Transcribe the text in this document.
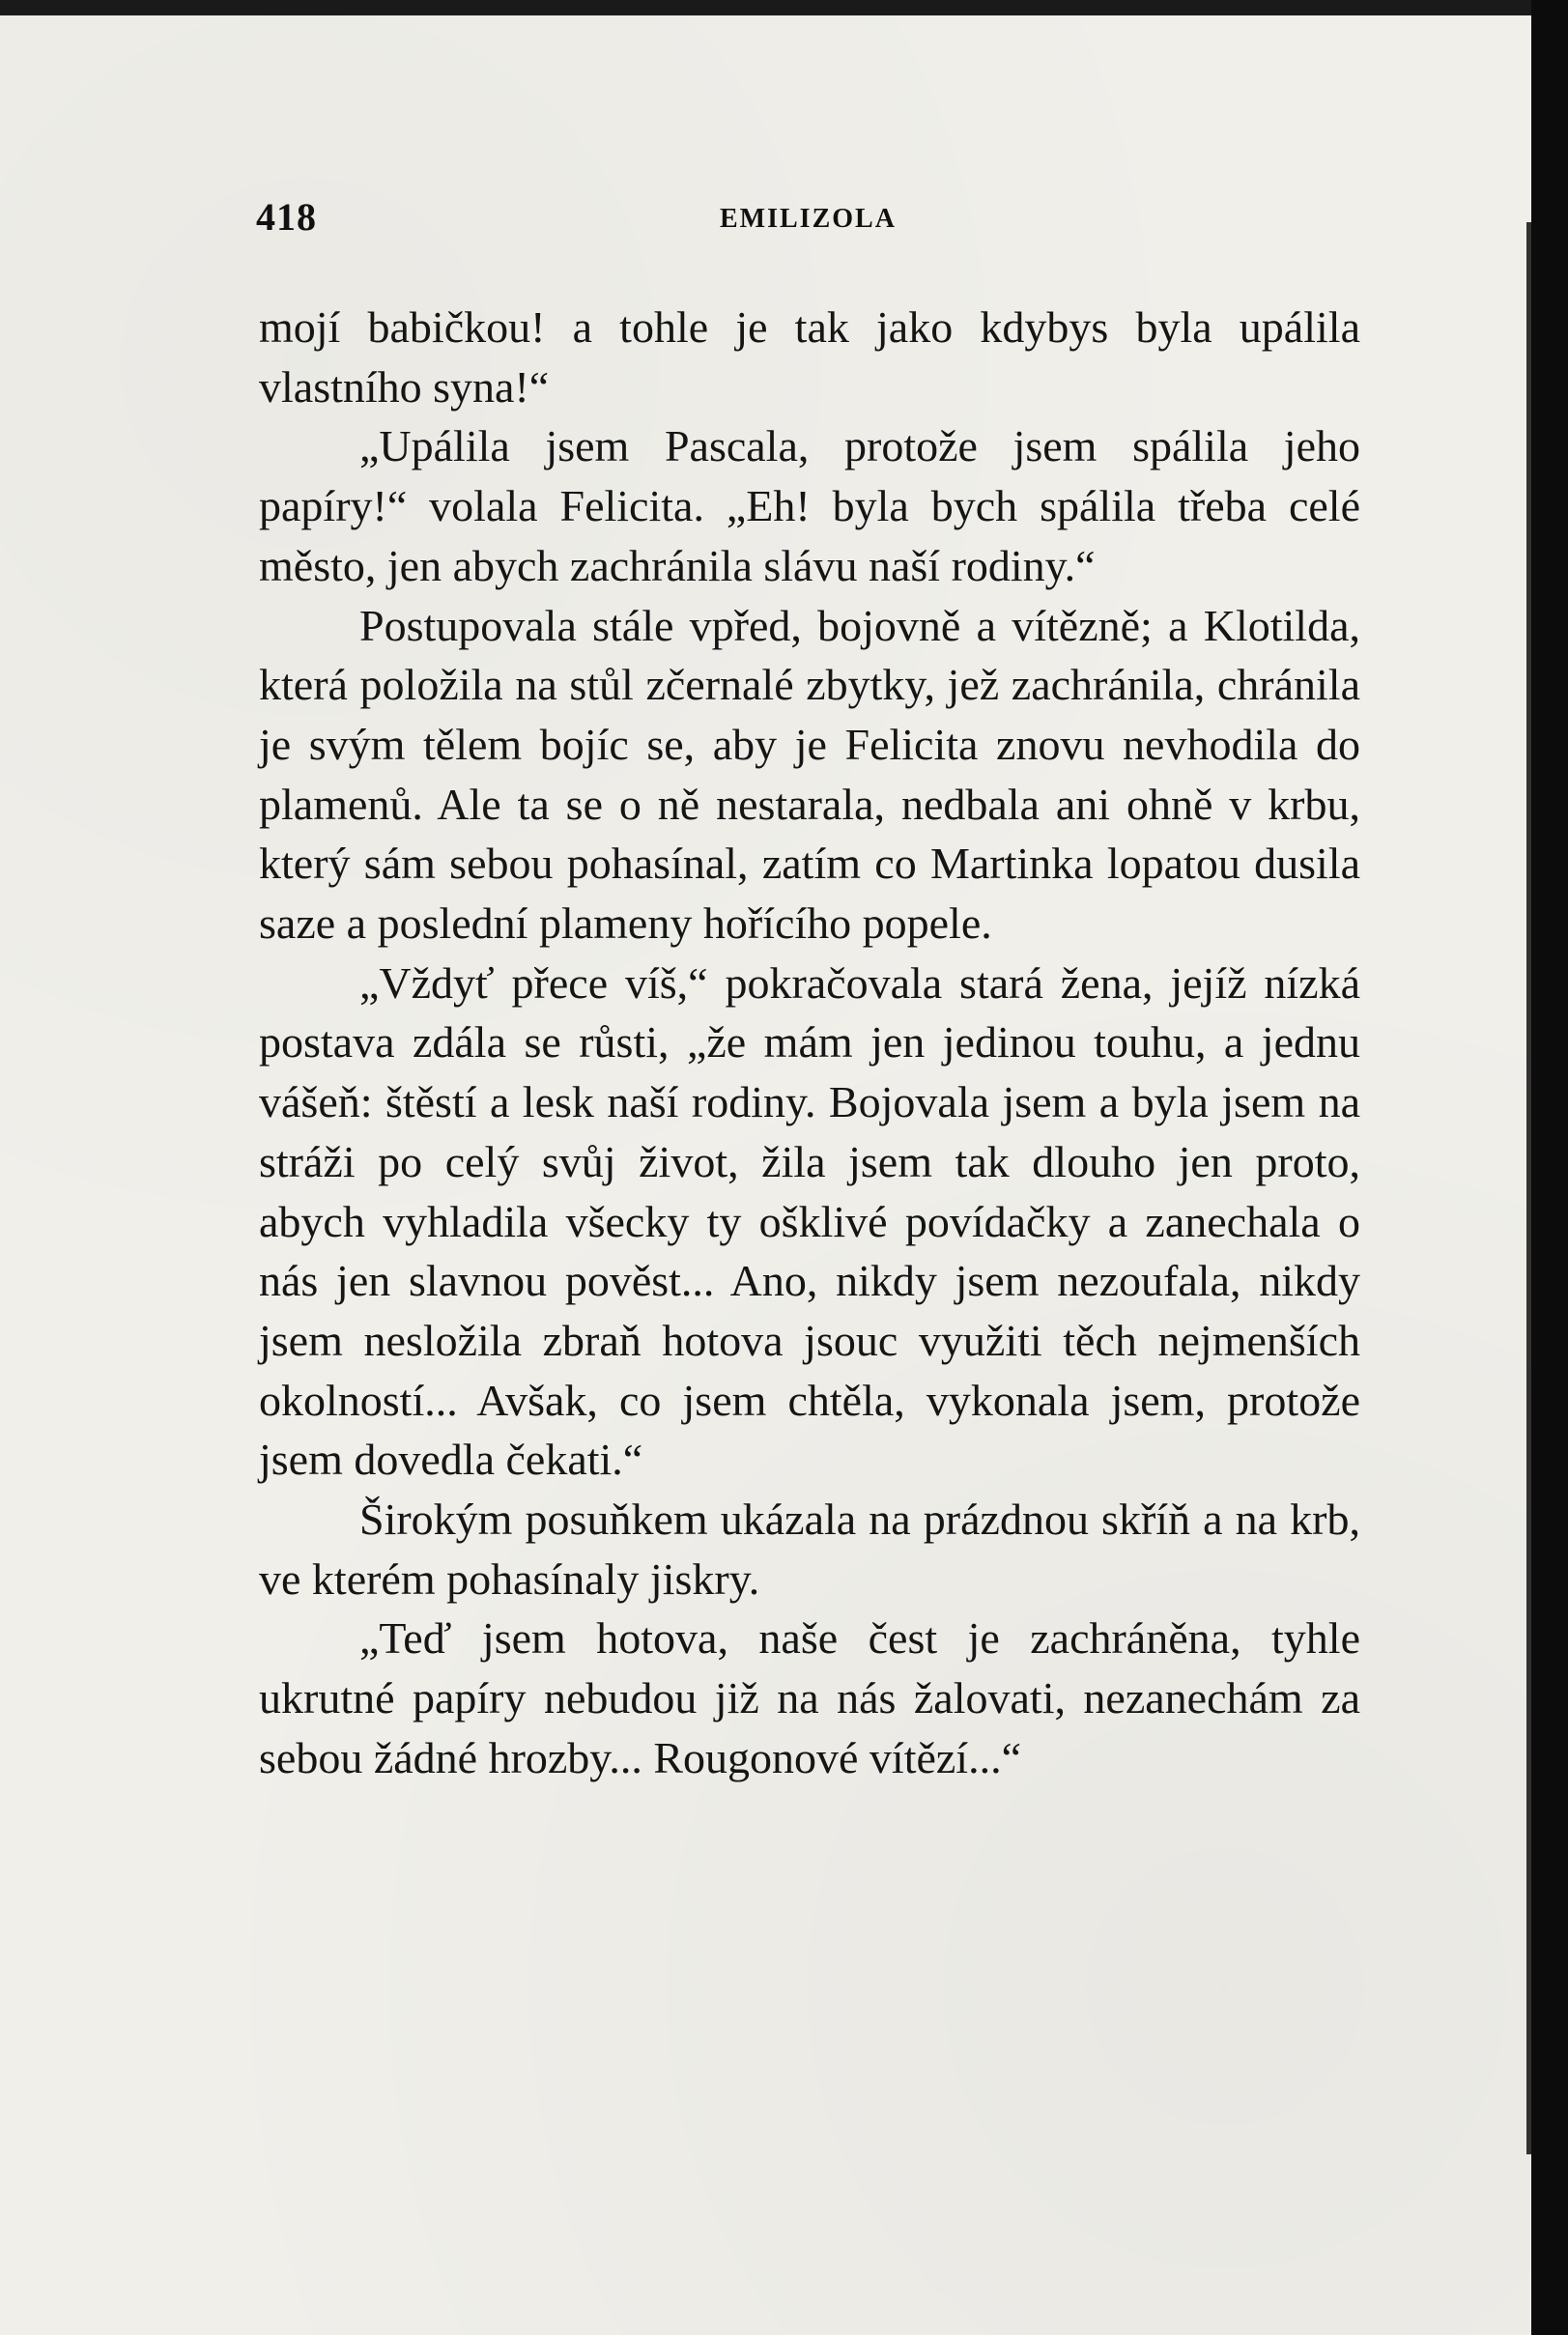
418	EMILIZOLA

mojí babičkou! a tohle je tak jako kdybys byla upálila vlastního syna!“

„Upálila jsem Pascala, protože jsem spálila jeho papíry!“ volala Felicita. „Eh! byla bych spálila třeba celé město, jen abych zachránila slávu naší rodiny.“

Postupovala stále vpřed, bojovně a vítězně; a Klotilda, která položila na stůl zčernalé zbytky, jež zachránila, chránila je svým tělem bojíc se, aby je Felicita znovu nevhodila do plamenů. Ale ta se o ně nestarala, nedbala ani ohně v krbu, který sám sebou pohasínal, zatím co Martinka lopatou dusila saze a poslední plameny hořícího popele.

„Vždyť přece víš,“ pokračovala stará žena, jejíž nízká postava zdála se růsti, „že mám jen jedinou touhu, a jednu vášeň: štěstí a lesk naší rodiny. Bojovala jsem a byla jsem na stráži po celý svůj život, žila jsem tak dlouho jen proto, abych vyhladila všecky ty ošklivé povídačky a zanechala o nás jen slavnou pověst... Ano, nikdy jsem nezoufala, nikdy jsem nesložila zbraň hotova jsouc využiti těch nejmenších okolností... Avšak, co jsem chtěla, vykonala jsem, protože jsem dovedla čekati.“

Širokým posuňkem ukázala na prázdnou skříň a na krb, ve kterém pohasínaly jiskry.

„Teď jsem hotova, naše čest je zachráněna, tyhle ukrutné papíry nebudou již na nás žalovati, nezanechám za sebou žádné hrozby... Rougonové vítězí...“
